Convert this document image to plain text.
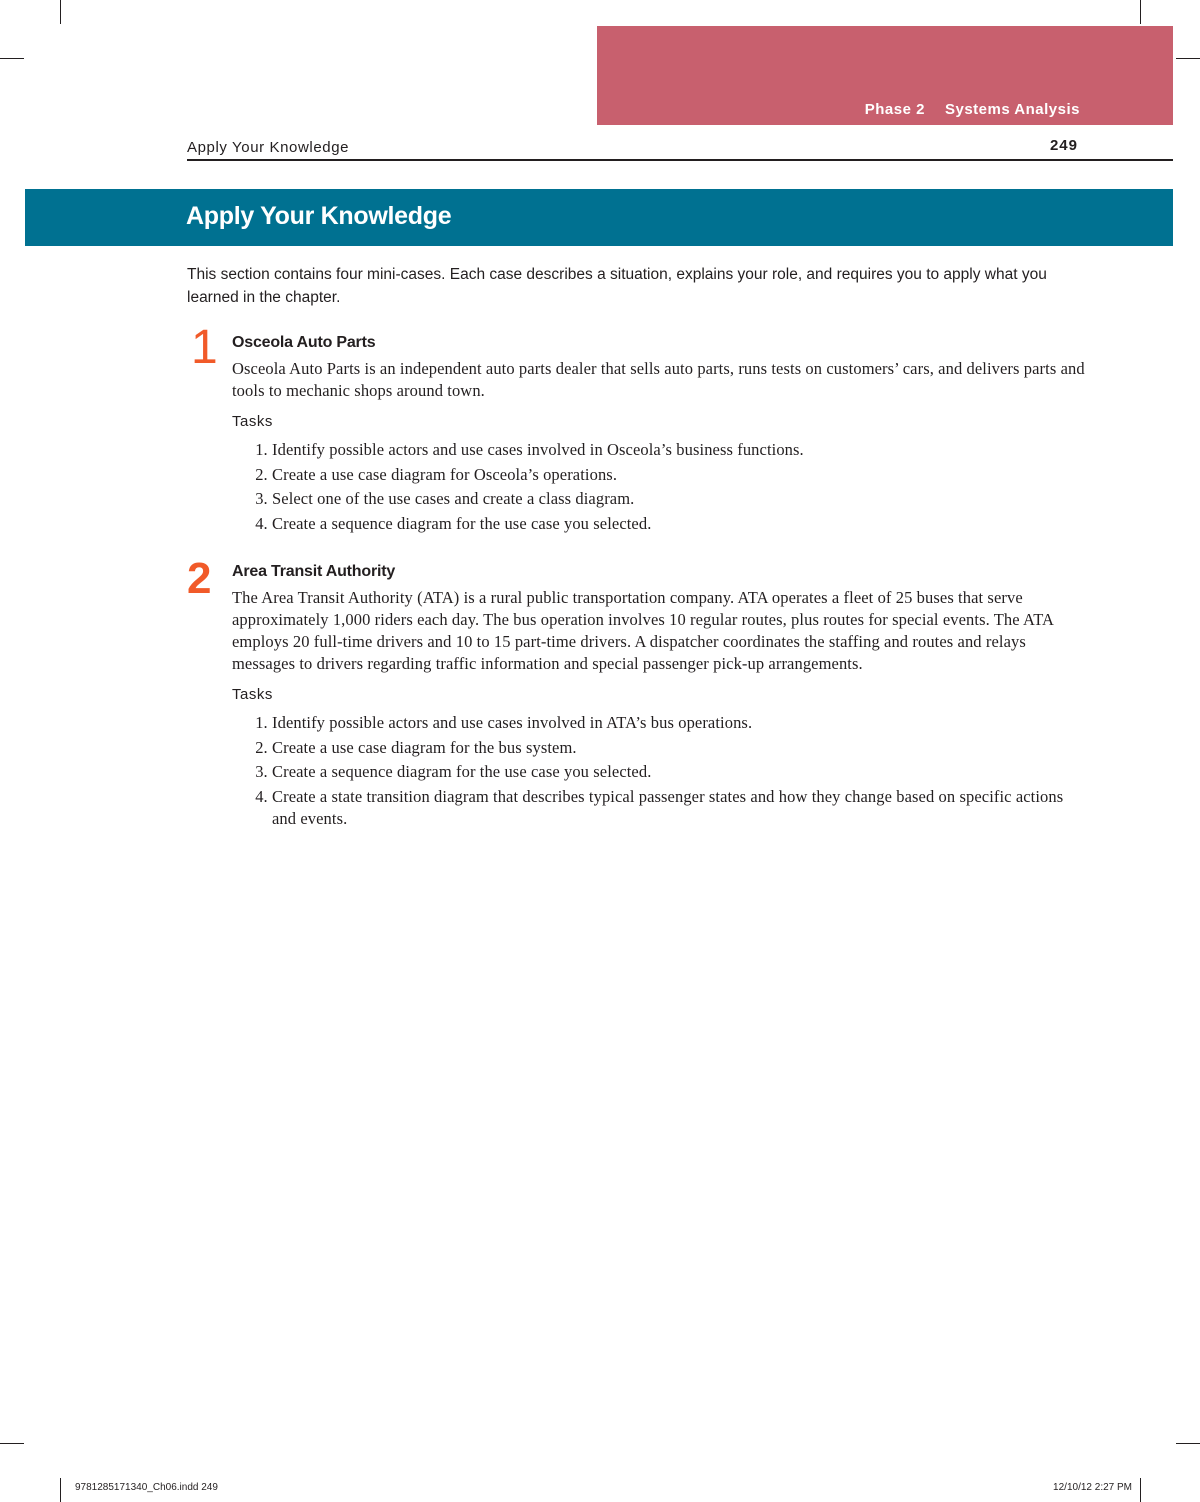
Phase 2 Systems Analysis
Apply Your Knowledge	249
Apply Your Knowledge
This section contains four mini-cases. Each case describes a situation, explains your role, and requires you to apply what you learned in the chapter.
1 Osceola Auto Parts
Osceola Auto Parts is an independent auto parts dealer that sells auto parts, runs tests on customers’ cars, and delivers parts and tools to mechanic shops around town.
Tasks
1. Identify possible actors and use cases involved in Osceola’s business functions.
2. Create a use case diagram for Osceola’s operations.
3. Select one of the use cases and create a class diagram.
4. Create a sequence diagram for the use case you selected.
2 Area Transit Authority
The Area Transit Authority (ATA) is a rural public transportation company. ATA operates a fleet of 25 buses that serve approximately 1,000 riders each day. The bus operation involves 10 regular routes, plus routes for special events. The ATA employs 20 full-time drivers and 10 to 15 part-time drivers. A dispatcher coordinates the staffing and routes and relays messages to drivers regarding traffic information and special passenger pick-up arrangements.
Tasks
1. Identify possible actors and use cases involved in ATA’s bus operations.
2. Create a use case diagram for the bus system.
3. Create a sequence diagram for the use case you selected.
4. Create a state transition diagram that describes typical passenger states and how they change based on specific actions and events.
9781285171340_Ch06.indd 249	12/10/12 2:27 PM
